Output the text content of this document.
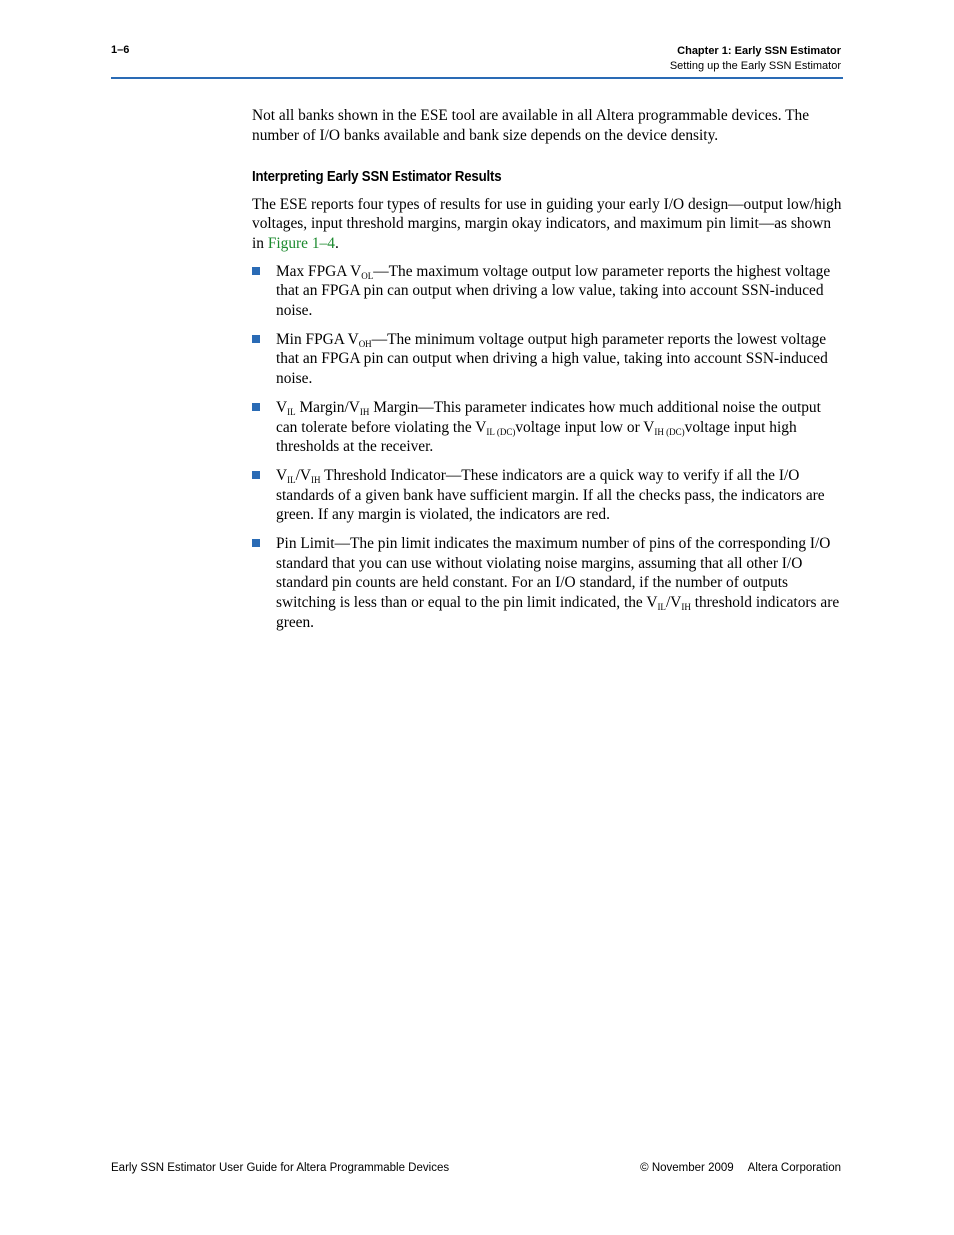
1–6	Chapter 1: Early SSN Estimator
Setting up the Early SSN Estimator

Not all banks shown in the ESE tool are available in all Altera programmable devices. The number of I/O banks available and bank size depends on the device density.

Interpreting Early SSN Estimator Results

The ESE reports four types of results for use in guiding your early I/O design—output low/high voltages, input threshold margins, margin okay indicators, and maximum pin limit—as shown in Figure 1–4.

Max FPGA $V_{OL}—The$ maximum voltage output low parameter reports the highest voltage that an FPGA pin can output when driving a low value, taking into account SSN-induced noise.
Min FPGA $V_{OH}—The$ minimum voltage output high parameter reports the lowest voltage that an FPGA pin can output when driving a high value, taking into account SSN-induced noise.
$V_{IL}$ Margin/$V_{IH}$ Margin—This parameter indicates how much additional noise the output can tolerate before violating the $V_{IL (DC)}voltage$ input low or $V_{IH (DC)}voltage$ input high thresholds at the receiver.
$V_{IL}/V_{IH}$ Threshold Indicator—These indicators are a quick way to verify if all the I/O standards of a given bank have sufficient margin. If all the checks pass, the indicators are green. If any margin is violated, the indicators are red.
Pin Limit—The pin limit indicates the maximum number of pins of the corresponding I/O standard that you can use without violating noise margins, assuming that all other I/O standard pin counts are held constant. For an I/O standard, if the number of outputs switching is less than or equal to the pin limit indicated, the $V_{IL}/V_{IH}$ threshold indicators are green.
Early SSN Estimator User Guide for Altera Programmable Devices	© November 2009 Altera Corporation
